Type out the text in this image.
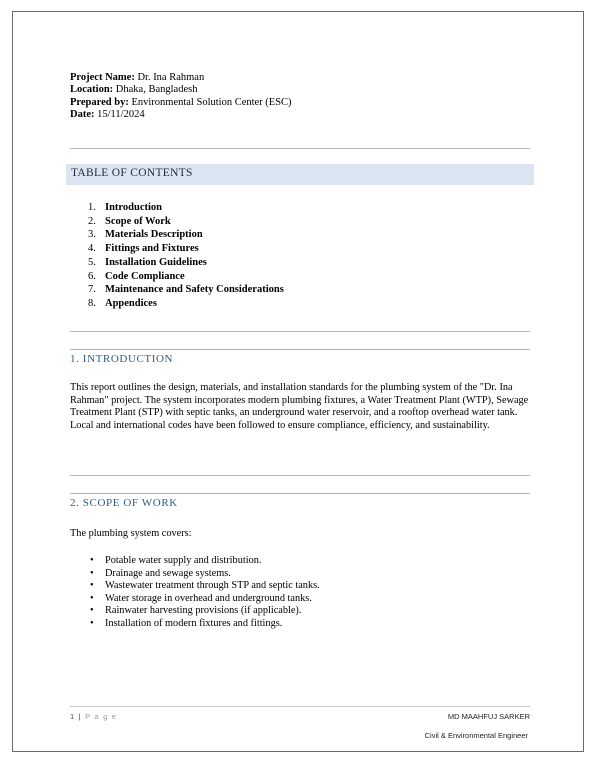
Project Name: Dr. Ina Rahman
Location: Dhaka, Bangladesh
Prepared by: Environmental Solution Center (ESC)
Date: 15/11/2024
TABLE OF CONTENTS
1. Introduction
2. Scope of Work
3. Materials Description
4. Fittings and Fixtures
5. Installation Guidelines
6. Code Compliance
7. Maintenance and Safety Considerations
8. Appendices
1. INTRODUCTION
This report outlines the design, materials, and installation standards for the plumbing system of the "Dr. Ina Rahman" project. The system incorporates modern plumbing fixtures, a Water Treatment Plant (WTP), Sewage Treatment Plant (STP) with septic tanks, an underground water reservoir, and a rooftop overhead water tank. Local and international codes have been followed to ensure compliance, efficiency, and sustainability.
2. SCOPE OF WORK
The plumbing system covers:
• Potable water supply and distribution.
• Drainage and sewage systems.
• Wastewater treatment through STP and septic tanks.
• Water storage in overhead and underground tanks.
• Rainwater harvesting provisions (if applicable).
• Installation of modern fixtures and fittings.
1 | P a g e	MD MAAHFUJ SARKER
Civil & Environmental Engineer
